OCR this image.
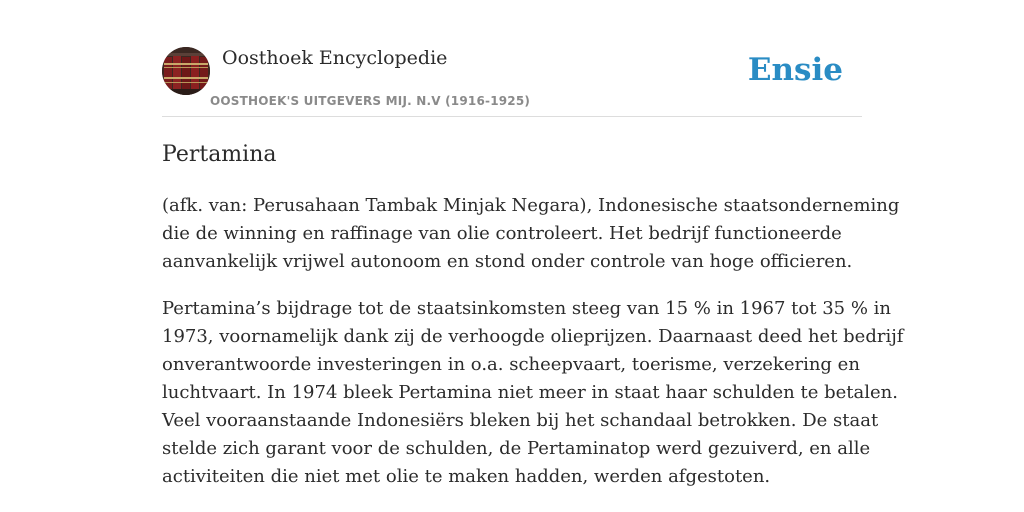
Oosthoek Encyclopedie
OOSTHOEK'S UITGEVERS MIJ. N.V (1916-1925)
Ensie
Pertamina

(afk. van: Perusahaan Tambak Minjak Negara), Indonesische staatsonderneming
die de winning en raffinage van olie controleert. Het bedrijf functioneerde
aanvankelijk vrijwel autonoom en stond onder controle van hoge officieren.

Pertamina’s bijdrage tot de staatsinkomsten steeg van 15 % in 1967 tot 35 % in
1973, voornamelijk dank zij de verhoogde olieprijzen. Daarnaast deed het bedrijf
onverantwoorde investeringen in o.a. scheepvaart, toerisme, verzekering en
luchtvaart. In 1974 bleek Pertamina niet meer in staat haar schulden te betalen.
Veel vooraanstaande Indonesiërs bleken bij het schandaal betrokken. De staat
stelde zich garant voor de schulden, de Pertaminatop werd gezuiverd, en alle
activiteiten die niet met olie te maken hadden, werden afgestoten.
